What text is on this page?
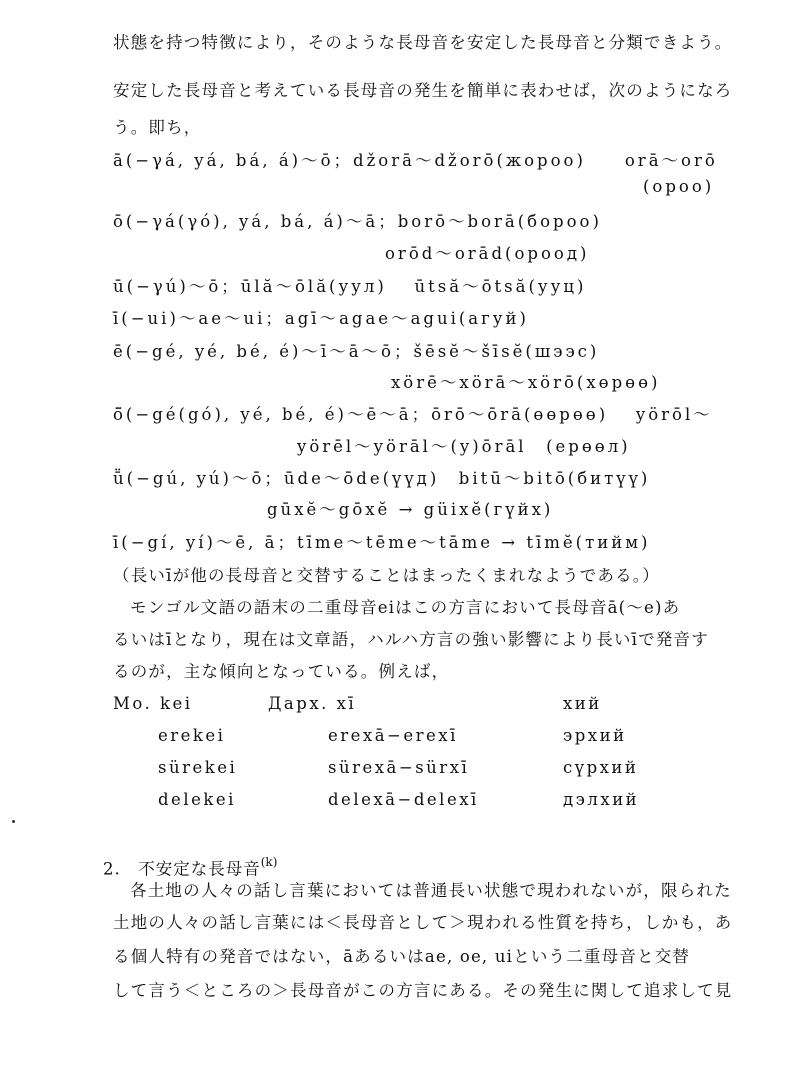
状態を持つ特徴により，そのような長母音を安定した長母音と分類できよう。
安定した長母音と考えている長母音の発生を簡単に表わせば，次のようになろ
う。即ち，
ā(−γá, yá, bá, á)〜ō；džorā〜džorō(жороо)　　orā〜orō
(ороо)
ō(−γá(γó), yá, bá, á)〜ā；borō〜borā(бороо)
orōd〜orād(ороод)
ū(−γú)〜ō；ūlă〜ōlă(уул)　 ūtsă〜ōtsă(ууц)
ī(−ui)〜ae〜ui；agī〜agae〜agui(агуй)
ē(−gé, yé, bé, é)〜ī〜ā〜ō；šēsĕ〜šīsĕ(шээс)
xörē〜xörā〜xörō(хөрөө)
ō̈(−gé(gó), yé, bé, é)〜ē〜ā；ōrō〜ōrā(өөрөө)　 yörōl〜
yörēl〜yörāl〜(y)ōrāl　(ерөөл)
ṻ(−gú, yú)〜ō；ūde〜ōde(үүд)　bitū〜bitō(битүү)
gūxĕ〜gōxĕ → güixĕ(гүйх)
ī(−gí, yí)〜ē, ā；tīme〜tēme〜tāme → tīmĕ(тийм)
（長いīが他の長母音と交替することはまったくまれなようである。）
モンゴル文語の語末の二重母音eiはこの方言において長母音ā(〜e)あ
るいはīとなり，現在は文章語，ハルハ方言の強い影響により長いīで発音す
るのが，主な傾向となっている。例えば，
Mo. kei	Дарх. xī	хий
erekei	erexā−erexī	эрхий
sürekei	sürexā−sürxī	сүрхий
delekei	delexā−delexī	дэлхий
2.  不安定な長母音$^{(k)}$
各土地の人々の話し言葉においては普通長い状態で現われないが，限られた
土地の人々の話し言葉には＜長母音として＞現われる性質を持ち，しかも，あ
る個人特有の発音ではない，āあるいはae, oe, uiという二重母音と交替
して言う＜ところの＞長母音がこの方言にある。その発生に関して追求して見
